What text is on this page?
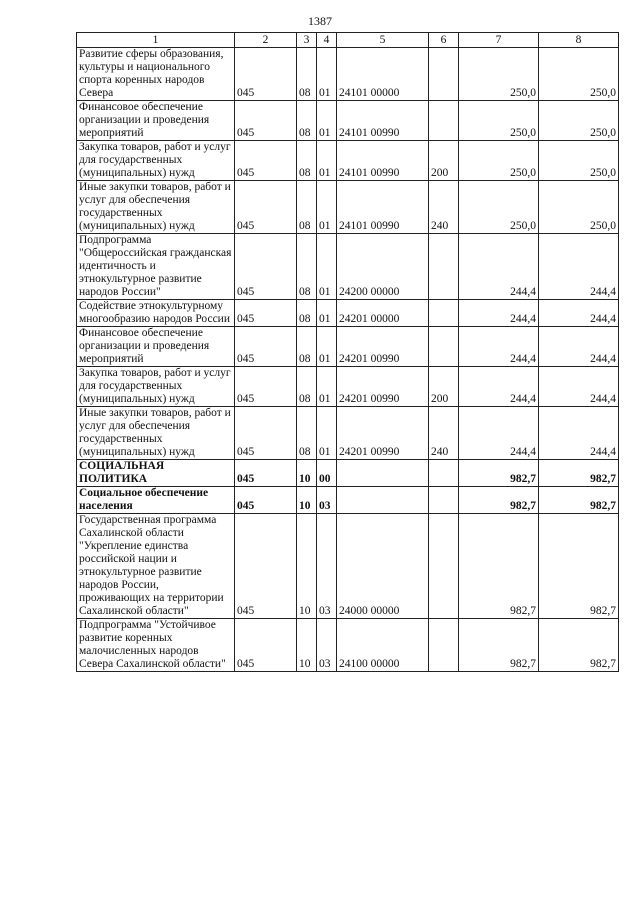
1387
1	2	3	4	5	6	7	8
Развитие сферы образования, культуры и национального спорта коренных народов Севера	045	08	01	24101 00000		250,0	250,0
Финансовое обеспечение организации и проведения мероприятий	045	08	01	24101 00990		250,0	250,0
Закупка товаров, работ и услуг для государственных (муниципальных) нужд	045	08	01	24101 00990	200	250,0	250,0
Иные закупки товаров, работ и услуг для обеспечения государственных (муниципальных) нужд	045	08	01	24101 00990	240	250,0	250,0
Подпрограмма "Общероссийская гражданская идентичность и этнокультурное развитие народов России"	045	08	01	24200 00000		244,4	244,4
Содействие этнокультурному многообразию народов России	045	08	01	24201 00000		244,4	244,4
Финансовое обеспечение организации и проведения мероприятий	045	08	01	24201 00990		244,4	244,4
Закупка товаров, работ и услуг для государственных (муниципальных) нужд	045	08	01	24201 00990	200	244,4	244,4
Иные закупки товаров, работ и услуг для обеспечения государственных (муниципальных) нужд	045	08	01	24201 00990	240	244,4	244,4
СОЦИАЛЬНАЯ ПОЛИТИКА	045	10	00			982,7	982,7
Социальное обеспечение населения	045	10	03			982,7	982,7
Государственная программа Сахалинской области "Укрепление единства российской нации и этнокультурное развитие народов России, проживающих на территории Сахалинской области"	045	10	03	24000 00000		982,7	982,7
Подпрограмма "Устойчивое развитие коренных малочисленных народов Севера Сахалинской области"	045	10	03	24100 00000		982,7	982,7
